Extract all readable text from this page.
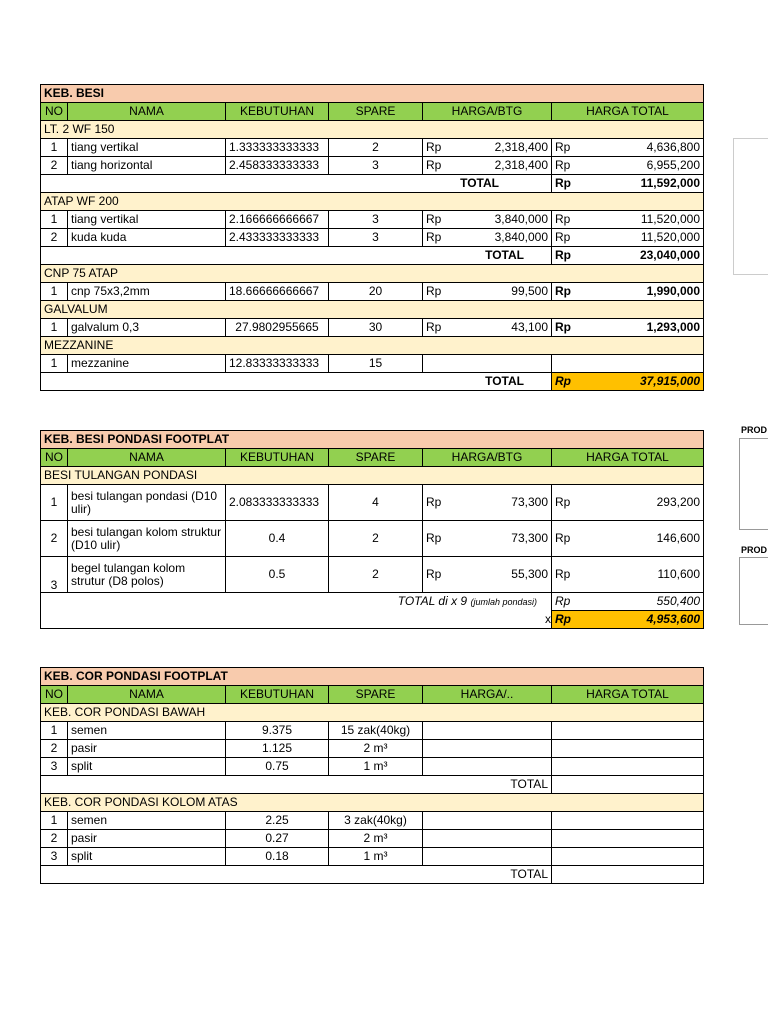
KEB. BESI							
NO	NAMA	KEBUTUHAN	SPARE	HARGA/BTG		HARGA TOTAL	
LT. 2 WF 150							
1	tiang vertikal	1.333333333333	2	Rp	2,318,400	Rp	4,636,800
2	tiang horizontal	2.458333333333	3	Rp	2,318,400	Rp	6,955,200
TOTAL						Rp	11,592,000
ATAP WF 200							
1	tiang vertikal	2.166666666667	3	Rp	3,840,000	Rp	11,520,000
2	kuda kuda	2.433333333333	3	Rp	3,840,000	Rp	11,520,000
TOTAL						Rp	23,040,000
CNP 75 ATAP							
1	cnp 75x3,2mm	18.66666666667	20	Rp	99,500	Rp	1,990,000
GALVALUM							
1	galvalum 0,3	27.9802955665	30	Rp	43,100	Rp	1,293,000
MEZZANINE							
1	mezzanine	12.83333333333	15				
TOTAL						Rp	37,915,000
KEB. BESI PONDASI FOOTPLAT							
NO	NAMA	KEBUTUHAN	SPARE	HARGA/BTG		HARGA TOTAL	
BESI TULANGAN PONDASI							
1	besi tulangan pondasi (D10 ulir)	2.083333333333	4	Rp	73,300	Rp	293,200
2	besi tulangan kolom struktur (D10 ulir)	0.4	2	Rp	73,300	Rp	146,600
3	begel tulangan kolom strutur (D8 polos)	0.5	2	Rp	55,300	Rp	110,600
TOTAL di x 9 (jumlah pondasi)						Rp	550,400
x						Rp	4,953,600
KEB. COR PONDASI FOOTPLAT					
NO	NAMA	KEBUTUHAN	SPARE	HARGA/..	HARGA TOTAL
KEB. COR PONDASI BAWAH					
1	semen	9.375	15 zak(40kg)		
2	pasir	1.125	2 m³		
3	split	0.75	1 m³		
TOTAL					
KEB. COR PONDASI KOLOM ATAS					
1	semen	2.25	3 zak(40kg)		
2	pasir	0.27	2 m³		
3	split	0.18	1 m³		
TOTAL					
PROD
PROD
